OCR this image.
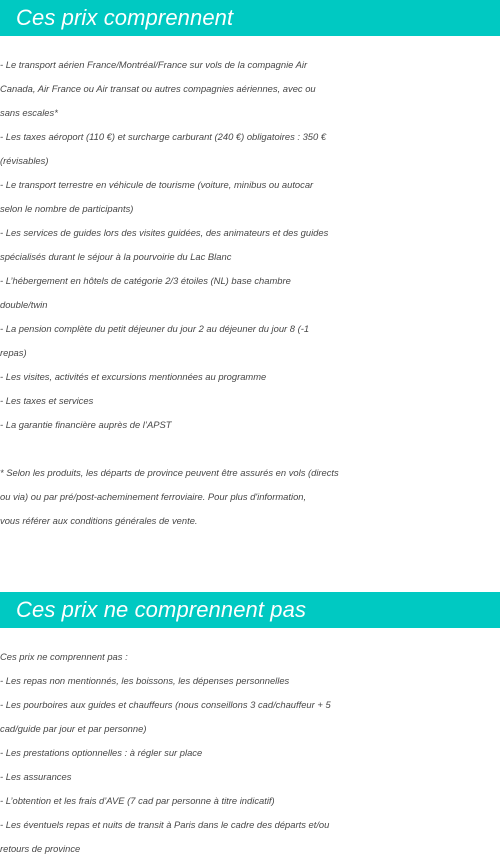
Ces prix comprennent
- Le transport aérien France/Montréal/France sur vols de la compagnie Air
Canada, Air France ou Air transat ou autres compagnies aériennes, avec ou
sans escales*
- Les taxes aéroport (110 €) et surcharge carburant (240 €) obligatoires : 350 €
(révisables)
- Le transport terrestre en véhicule de tourisme (voiture, minibus ou autocar
selon le nombre de participants)
- Les services de guides lors des visites guidées, des animateurs et des guides
spécialisés durant le séjour à la pourvoirie du Lac Blanc
- L’hébergement en hôtels de catégorie 2/3 étoiles (NL) base chambre
double/twin
- La pension complète du petit déjeuner du jour 2 au déjeuner du jour 8 (-1
repas)
- Les visites, activités et excursions mentionnées au programme
- Les taxes et services
- La garantie financière auprès de l’APST
* Selon les produits, les départs de province peuvent être assurés en vols (directs
ou via) ou par pré/post-acheminement ferroviaire. Pour plus d'information,
vous référer aux conditions générales de vente.
Ces prix ne comprennent pas
Ces prix ne comprennent pas :
- Les repas non mentionnés, les boissons, les dépenses personnelles
- Les pourboires aux guides et chauffeurs (nous conseillons 3 cad/chauffeur + 5
cad/guide par jour et par personne)
- Les prestations optionnelles : à régler sur place
- Les assurances
- L’obtention et les frais d’AVE (7 cad par personne à titre indicatif)
- Les éventuels repas et nuits de transit à Paris dans le cadre des départs et/ou
retours de province
